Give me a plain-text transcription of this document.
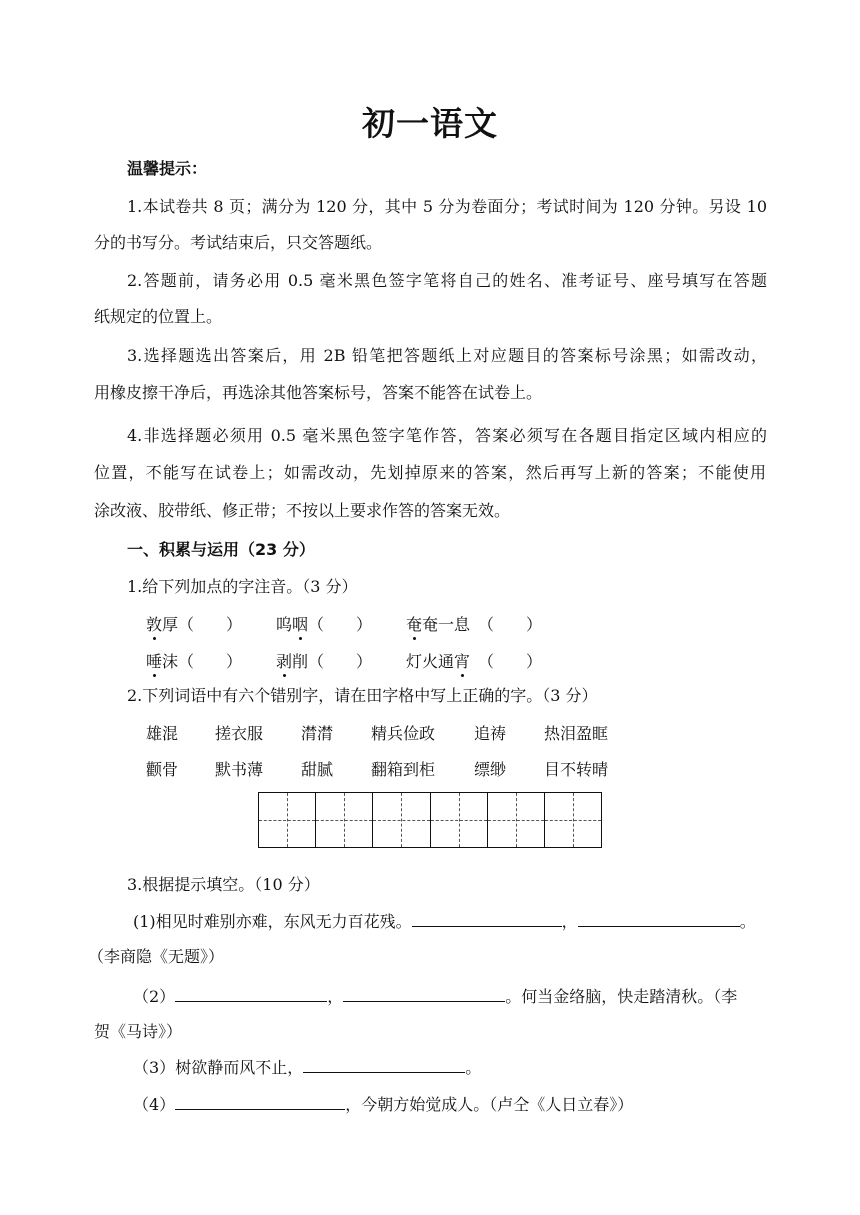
初一语文
温馨提示：
1.本试卷共 8 页；满分为 120 分，其中 5 分为卷面分；考试时间为 120 分钟。另设 10
分的书写分。考试结束后，只交答题纸。
2.答题前，请务必用 0.5 毫米黑色签字笔将自己的姓名、准考证号、座号填写在答题
纸规定的位置上。
3.选择题选出答案后，用 2B 铅笔把答题纸上对应题目的答案标号涂黑；如需改动，
用橡皮擦干净后，再选涂其他答案标号，答案不能答在试卷上。
4.非选择题必须用 0.5 毫米黑色签字笔作答，答案必须写在各题目指定区域内相应的
位置，不能写在试卷上；如需改动，先划掉原来的答案，然后再写上新的答案；不能使用
涂改液、胶带纸、修正带；不按以上要求作答的答案无效。
一、积累与运用（23 分）
1.给下列加点的字注音。（3 分）
敦厚（　　） 呜咽（　　） 奄奄一息 （　　）
唾沫（　　） 剥削（　　） 灯火通宵 （　　）
2.下列词语中有六个错别字，请在田字格中写上正确的字。（3 分）
雄混 搓衣服 潸潸 精兵俭政 追祷 热泪盈眶
颧骨 默书薄 甜腻 翻箱到柜 缥缈 目不转晴
3.根据提示填空。（10 分）
(1)相见时难别亦难，东风无力百花残。	，	。
（李商隐《无题》）
（2）	，	。何当金络脑，快走踏清秋。（李
贺《马诗》）
（3）树欲静而风不止，	。
（4）	，今朝方始觉成人。（卢仝《人日立春》）
